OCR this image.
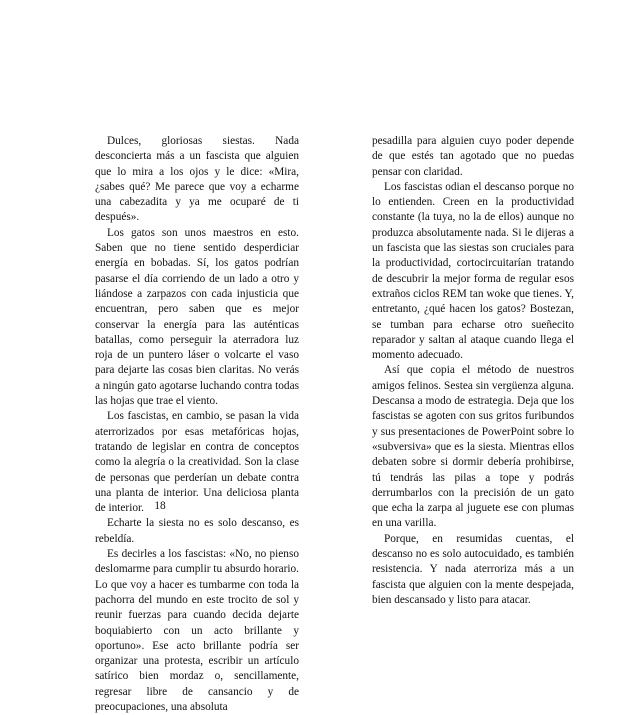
Dulces, gloriosas siestas. Nada desconcierta más a un fascista que alguien que lo mira a los ojos y le dice: «Mira, ¿sabes qué? Me parece que voy a echarme una cabezadita y ya me ocuparé de ti después».

Los gatos son unos maestros en esto. Saben que no tiene sentido desperdiciar energía en bobadas. Sí, los gatos podrían pasarse el día corriendo de un lado a otro y liándose a zarpazos con cada injusticia que encuentran, pero saben que es mejor conservar la energía para las auténticas batallas, como perseguir la aterradora luz roja de un puntero láser o volcarte el vaso para dejarte las cosas bien claritas. No verás a ningún gato agotarse luchando contra todas las hojas que trae el viento.

Los fascistas, en cambio, se pasan la vida aterrorizados por esas metafóricas hojas, tratando de legislar en contra de conceptos como la alegría o la creatividad. Son la clase de personas que perderían un debate contra una planta de interior. Una deliciosa planta de interior.

Echarte la siesta no es solo descanso, es rebeldía.

Es decirles a los fascistas: «No, no pienso deslomarme para cumplir tu absurdo horario. Lo que voy a hacer es tumbarme con toda la pachorra del mundo en este trocito de sol y reunir fuerzas para cuando decida dejarte boquiabierto con un acto brillante y oportuno». Ese acto brillante podría ser organizar una protesta, escribir un artículo satírico bien mordaz o, sencillamente, regresar libre de cansancio y de preocupaciones, una absoluta

18

pesadilla para alguien cuyo poder depende de que estés tan agotado que no puedas pensar con claridad.

Los fascistas odian el descanso porque no lo entienden. Creen en la productividad constante (la tuya, no la de ellos) aunque no produzca absolutamente nada. Si le dijeras a un fascista que las siestas son cruciales para la productividad, cortocircuitarían tratando de descubrir la mejor forma de regular esos extraños ciclos REM tan woke que tienes. Y, entretanto, ¿qué hacen los gatos? Bostezan, se tumban para echarse otro sueñecito reparador y saltan al ataque cuando llega el momento adecuado.

Así que copia el método de nuestros amigos felinos. Sestea sin vergüenza alguna. Descansa a modo de estrategia. Deja que los fascistas se agoten con sus gritos furibundos y sus presentaciones de PowerPoint sobre lo «subversiva» que es la siesta. Mientras ellos debaten sobre si dormir debería prohibirse, tú tendrás las pilas a tope y podrás derrumbarlos con la precisión de un gato que echa la zarpa al juguete ese con plumas en una varilla.

Porque, en resumidas cuentas, el descanso no es solo autocuidado, es también resistencia. Y nada aterroriza más a un fascista que alguien con la mente despejada, bien descansado y listo para atacar.
